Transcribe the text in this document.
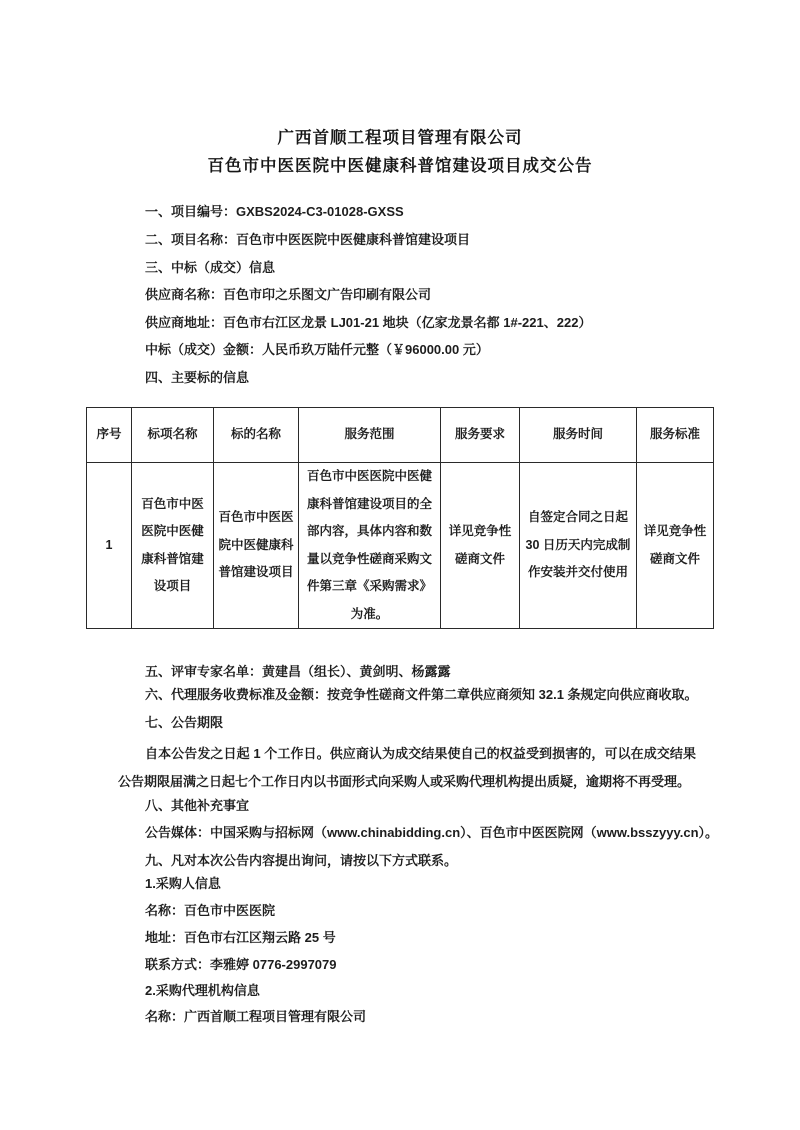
广西首顺工程项目管理有限公司
百色市中医医院中医健康科普馆建设项目成交公告
一、项目编号：GXBS2024-C3-01028-GXSS
二、项目名称：百色市中医医院中医健康科普馆建设项目
三、中标（成交）信息
供应商名称：百色市印之乐图文广告印刷有限公司
供应商地址：百色市右江区龙景 LJ01-21 地块（亿家龙景名都 1#-221、222）
中标（成交）金额：人民币玖万陆仟元整（￥96000.00 元）
四、主要标的信息
序号	标项名称	标的名称	服务范围	服务要求	服务时间	服务标准
1	百色市中医医院中医健康科普馆建设项目	百色市中医医院中医健康科普馆建设项目	百色市中医医院中医健康科普馆建设项目的全部内容，具体内容和数量以竞争性磋商采购文件第三章《采购需求》为准。	详见竞争性磋商文件	自签定合同之日起 30 日历天内完成制作安装并交付使用	详见竞争性磋商文件
五、评审专家名单：黄建昌（组长）、黄剑明、杨露露
六、代理服务收费标准及金额：按竞争性磋商文件第二章供应商须知 32.1 条规定向供应商收取。
七、公告期限
自本公告发之日起 1 个工作日。供应商认为成交结果使自己的权益受到损害的，可以在成交结果公告期限届满之日起七个工作日内以书面形式向采购人或采购代理机构提出质疑，逾期将不再受理。
八、其他补充事宜
公告媒体：中国采购与招标网（www.chinabidding.cn）、百色市中医医院网（www.bsszyyy.cn）。
九、凡对本次公告内容提出询问，请按以下方式联系。
1.采购人信息
名称：百色市中医医院
地址：百色市右江区翔云路 25 号
联系方式：李雅婷 0776-2997079
2.采购代理机构信息
名称：广西首顺工程项目管理有限公司
